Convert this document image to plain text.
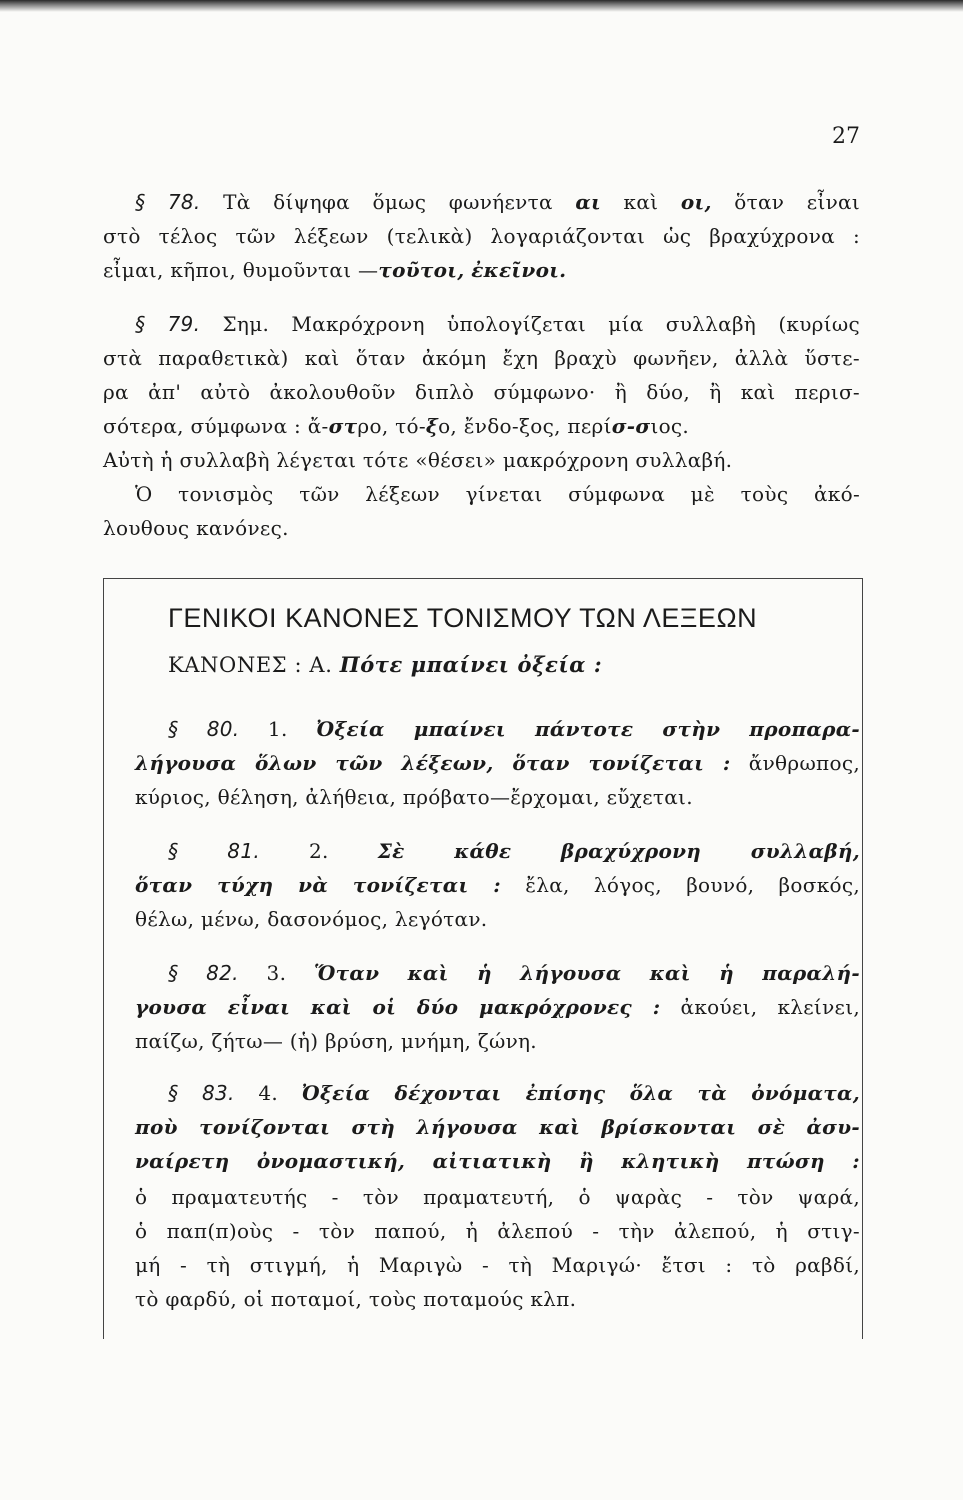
27
§ 78. Τὰ δίψηφα ὅμως φωνήεντα αι καὶ οι, ὅταν εἶναι
στὸ τέλος τῶν λέξεων (τελικὰ) λογαριάζονται ὡς βραχύχρονα :
εἶμαι, κῆποι, θυμοῦνται —τοῦτοι, ἐκεῖνοι.
§ 79. Σημ. Μακρόχρονη ὑπολογίζεται μία συλλαβὴ (κυρίως
στὰ παραθετικὰ) καὶ ὅταν ἀκόμη ἔχη βραχὺ φωνῆεν, ἀλλὰ ὕστε-
ρα ἀπ' αὐτὸ ἀκολουθοῦν διπλὸ σύμφωνο· ἢ δύο, ἢ καὶ περισ-
σότερα, σύμφωνα : ἄ-στρο, τό-ξο, ἔνδο-ξος, περίσ-σιος.
Αὐτὴ ἡ συλλαβὴ λέγεται τότε «θέσει» μακρόχρονη συλλαβή.
Ὁ τονισμὸς τῶν λέξεων γίνεται σύμφωνα μὲ τοὺς ἀκό-
λουθους κανόνες.
ΓΕΝΙΚΟΙ ΚΑΝΟΝΕΣ ΤΟΝΙΣΜΟΥ ΤΩΝ ΛΕΞΕΩΝ
ΚΑΝΟΝΕΣ : Α. Πότε μπαίνει ὀξεία :
§ 80. 1. Ὀξεία μπαίνει πάντοτε στὴν προπαρα-
λήγουσα ὅλων τῶν λέξεων, ὅταν τονίζεται : ἄνθρωπος,
κύριος, θέληση, ἀλήθεια, πρόβατο—ἔρχομαι, εὔχεται.
§ 81. 2. Σὲ κάθε βραχύχρονη συλλαβή,
ὅταν τύχη νὰ τονίζεται : ἔλα, λόγος, βουνό, βοσκός,
θέλω, μένω, δασονόμος, λεγόταν.
§ 82. 3. Ὅταν καὶ ἡ λήγουσα καὶ ἡ παραλή-
γουσα εἶναι καὶ οἱ δύο μακρόχρονες : ἀκούει, κλείνει,
παίζω, ζήτω— (ἡ) βρύση, μνήμη, ζώνη.
§ 83. 4. Ὀξεία δέχονται ἐπίσης ὅλα τὰ ὀνόματα,
ποὺ τονίζονται στὴ λήγουσα καὶ βρίσκονται σὲ ἀσυ-
ναίρετη ὀνομαστική, αἰτιατικὴ ἢ κλητικὴ πτώση :
ὁ πραματευτής - τὸν πραματευτή, ὁ ψαρὰς - τὸν ψαρά,
ὁ παπ(π)οὺς - τὸν παπού, ἡ ἀλεπού - τὴν ἀλεπού, ἡ στιγ-
μή - τὴ στιγμή, ἡ Μαριγὼ - τὴ Μαριγώ· ἔτσι : τὸ ραβδί,
τὸ φαρδύ, οἱ ποταμοί, τοὺς ποταμούς κλπ.
